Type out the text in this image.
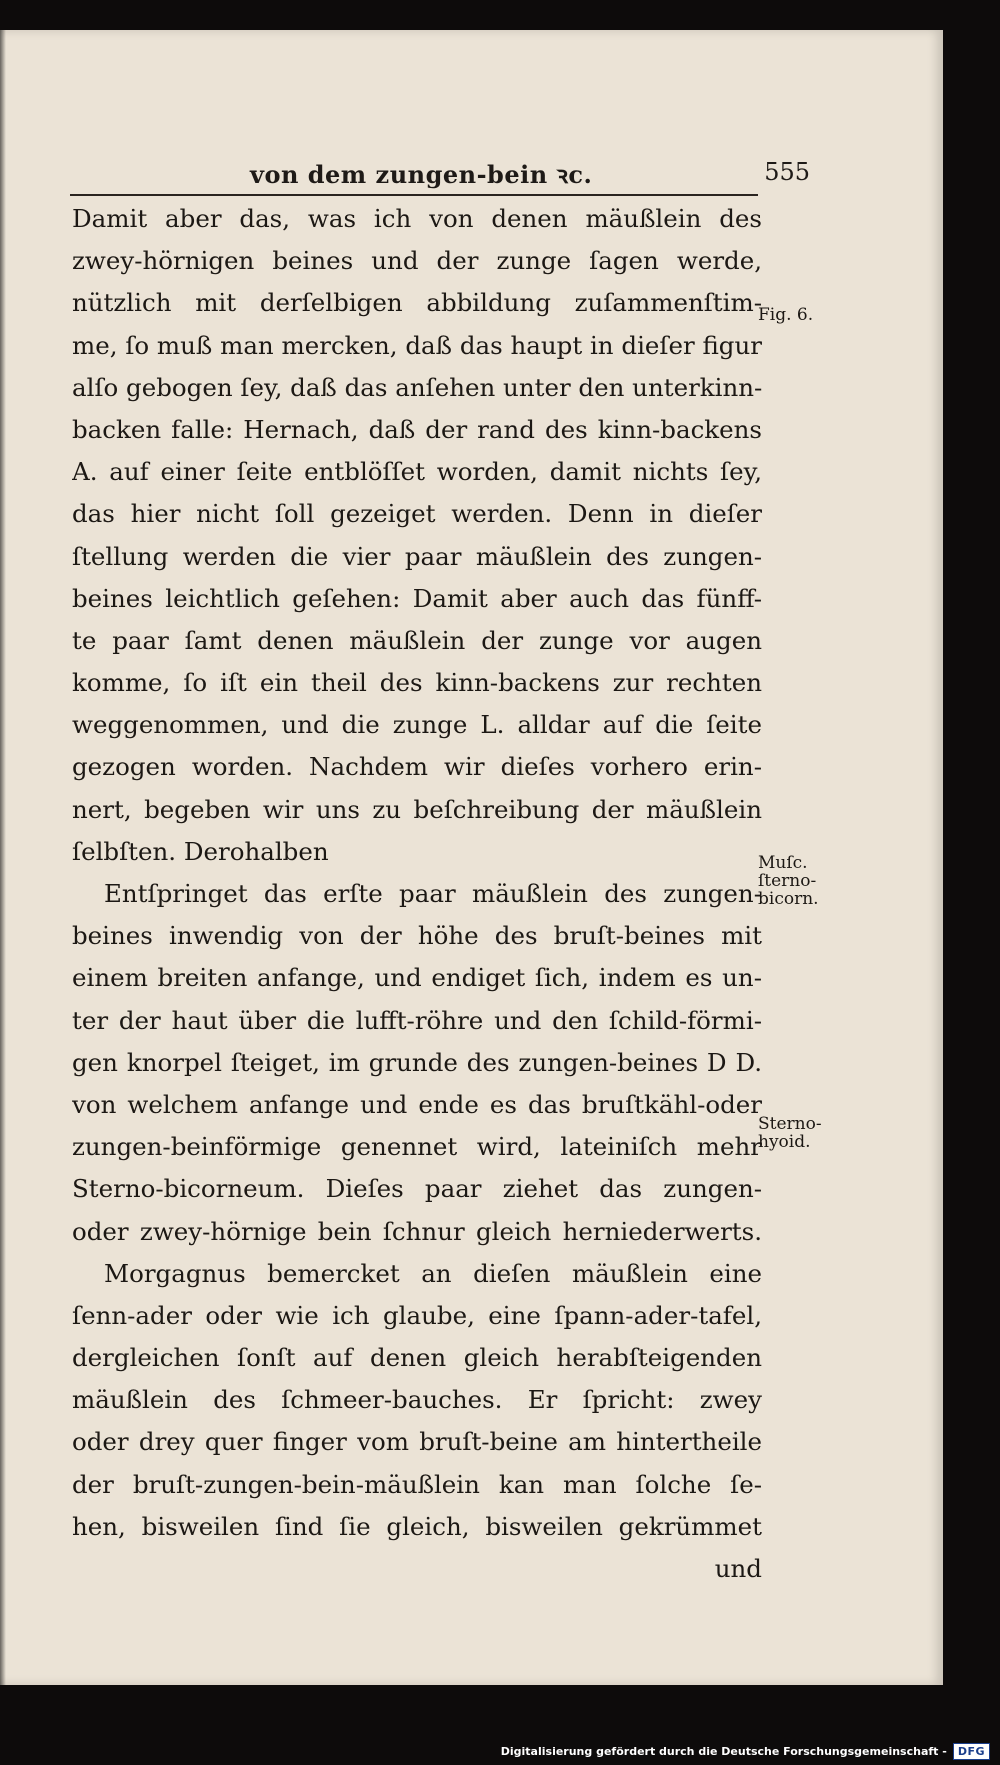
von dem zungen-bein ꝛc.	555
Damit aber das, was ich von denen mäußlein des
zwey-hörnigen beines und der zunge ſagen werde,
nützlich mit derſelbigen abbildung zuſammenſtim-
me, ſo muß man mercken, daß das haupt in dieſer figur
alſo gebogen ſey, daß das anſehen unter den unterkinn-
backen falle: Hernach, daß der rand des kinn-backens
A. auf einer ſeite entblöſſet worden, damit nichts ſey,
das hier nicht ſoll gezeiget werden. Denn in dieſer
ſtellung werden die vier paar mäußlein des zungen-
beines leichtlich geſehen: Damit aber auch das fünff-
te paar ſamt denen mäußlein der zunge vor augen
komme, ſo iſt ein theil des kinn-backens zur rechten
weggenommen, und die zunge L. alldar auf die ſeite
gezogen worden. Nachdem wir dieſes vorhero erin-
nert, begeben wir uns zu beſchreibung der mäußlein
ſelbſten. Derohalben
Entſpringet das erſte paar mäußlein des zungen-
beines inwendig von der höhe des bruſt-beines mit
einem breiten anfange, und endiget ſich, indem es un-
ter der haut über die lufft-röhre und den ſchild-förmi-
gen knorpel ſteiget, im grunde des zungen-beines D D.
von welchem anfange und ende es das bruſtkähl-oder
zungen-beinförmige genennet wird, lateiniſch mehr
Sterno-bicorneum. Dieſes paar ziehet das zungen-
oder zwey-hörnige bein ſchnur gleich herniederwerts.
Morgagnus bemercket an dieſen mäußlein eine
ſenn-ader oder wie ich glaube, eine ſpann-ader-tafel,
dergleichen ſonſt auf denen gleich herabſteigenden
mäußlein des ſchmeer-bauches. Er ſpricht: zwey
oder drey quer finger vom bruſt-beine am hintertheile
der bruſt-zungen-bein-mäußlein kan man ſolche ſe-
hen, bisweilen ſind ſie gleich, bisweilen gekrümmet
und
Fig. 6.
Muſc.
ſterno-
bicorn.
Sterno-
hyoid.
Digitalisierung gefördert durch die Deutsche Forschungsgemeinschaft -	DFG
